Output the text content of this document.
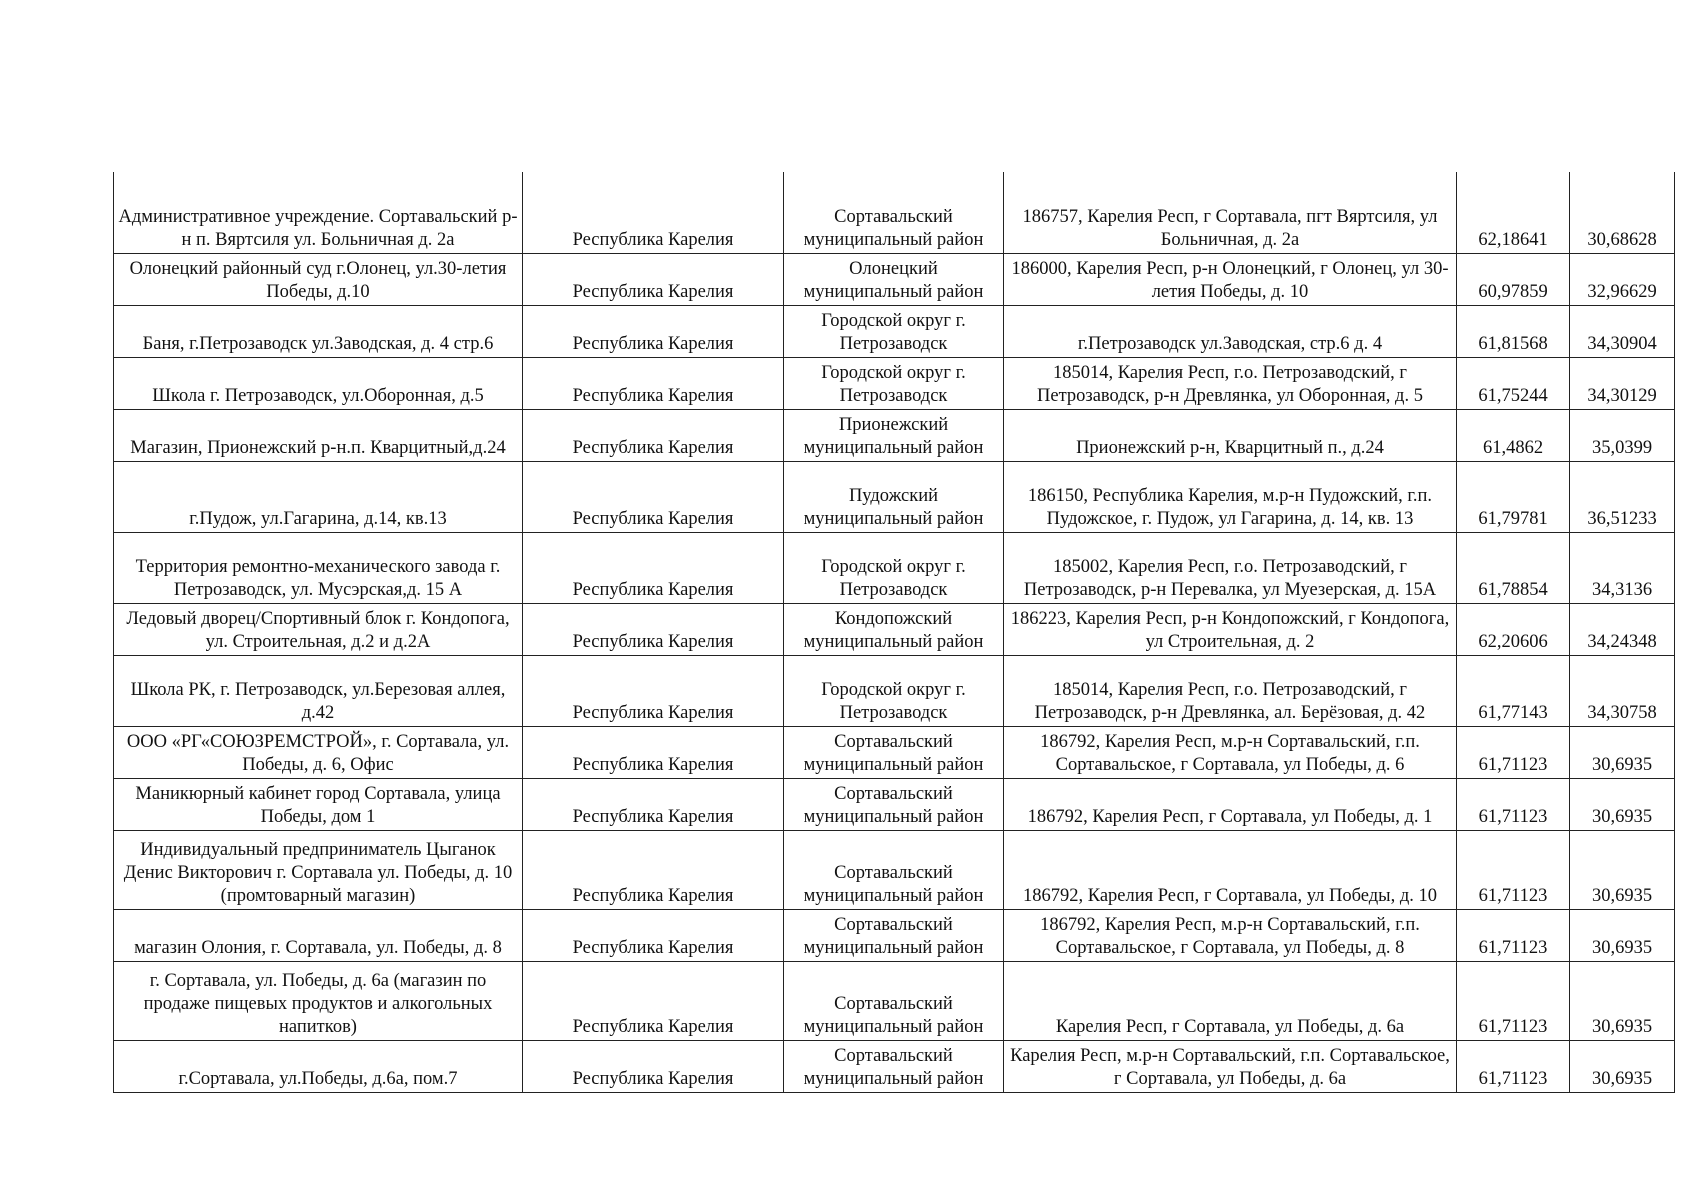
Административное учреждение. Сортавальский р-н п. Вяртсиля ул. Больничная д. 2а	Республика Карелия	Сортавальский муниципальный район	186757, Карелия Респ, г Сортавала, пгт Вяртсиля, ул Больничная, д. 2а	62,18641	30,68628
Олонецкий районный суд г.Олонец, ул.30-летия Победы, д.10	Республика Карелия	Олонецкий муниципальный район	186000, Карелия Респ, р-н Олонецкий, г Олонец, ул 30-летия Победы, д. 10	60,97859	32,96629
Баня, г.Петрозаводск ул.Заводская, д. 4 стр.6	Республика Карелия	Городской округ г. Петрозаводск	г.Петрозаводск ул.Заводская, стр.6 д. 4	61,81568	34,30904
Школа г. Петрозаводск, ул.Оборонная, д.5	Республика Карелия	Городской округ г. Петрозаводск	185014, Карелия Респ, г.о. Петрозаводский, г Петрозаводск, р-н Древлянка, ул Оборонная, д. 5	61,75244	34,30129
Магазин, Прионежский р-н.п. Кварцитный,д.24	Республика Карелия	Прионежский муниципальный район	Прионежский р-н, Кварцитный п., д.24	61,4862	35,0399
г.Пудож, ул.Гагарина, д.14, кв.13	Республика Карелия	Пудожский муниципальный район	186150, Республика Карелия, м.р-н Пудожский, г.п. Пудожское, г. Пудож, ул Гагарина, д. 14, кв. 13	61,79781	36,51233
Территория ремонтно-механического завода г. Петрозаводск, ул. Мусэрская,д. 15 А	Республика Карелия	Городской округ г. Петрозаводск	185002, Карелия Респ, г.о. Петрозаводский, г Петрозаводск, р-н Перевалка, ул Муезерская, д. 15А	61,78854	34,3136
Ледовый дворец/Спортивный блок г. Кондопога, ул. Строительная, д.2 и д.2А	Республика Карелия	Кондопожский муниципальный район	186223, Карелия Респ, р-н Кондопожский, г Кондопога, ул Строительная, д. 2	62,20606	34,24348
Школа РК, г. Петрозаводск, ул.Березовая аллея, д.42	Республика Карелия	Городской округ г. Петрозаводск	185014, Карелия Респ, г.о. Петрозаводский, г Петрозаводск, р-н Древлянка, ал. Берёзовая, д. 42	61,77143	34,30758
ООО «РГ«СОЮЗРЕМСТРОЙ», г. Сортавала, ул. Победы, д. 6, Офис	Республика Карелия	Сортавальский муниципальный район	186792, Карелия Респ, м.р-н Сортавальский, г.п. Сортавальское, г Сортавала, ул Победы, д. 6	61,71123	30,6935
Маникюрный кабинет город Сортавала, улица Победы, дом 1	Республика Карелия	Сортавальский муниципальный район	186792, Карелия Респ, г Сортавала, ул Победы, д. 1	61,71123	30,6935
Индивидуальный предприниматель Цыганок Денис Викторович г. Сортавала ул. Победы, д. 10 (промтоварный магазин)	Республика Карелия	Сортавальский муниципальный район	186792, Карелия Респ, г Сортавала, ул Победы, д. 10	61,71123	30,6935
магазин Олония, г. Сортавала, ул. Победы, д. 8	Республика Карелия	Сортавальский муниципальный район	186792, Карелия Респ, м.р-н Сортавальский, г.п. Сортавальское, г Сортавала, ул Победы, д. 8	61,71123	30,6935
г. Сортавала, ул. Победы, д. 6а (магазин по продаже пищевых продуктов и алкогольных напитков)	Республика Карелия	Сортавальский муниципальный район	Карелия Респ, г Сортавала, ул Победы, д. 6а	61,71123	30,6935
г.Сортавала, ул.Победы, д.6а, пом.7	Республика Карелия	Сортавальский муниципальный район	Карелия Респ, м.р-н Сортавальский, г.п. Сортавальское, г Сортавала, ул Победы, д. 6а	61,71123	30,6935
